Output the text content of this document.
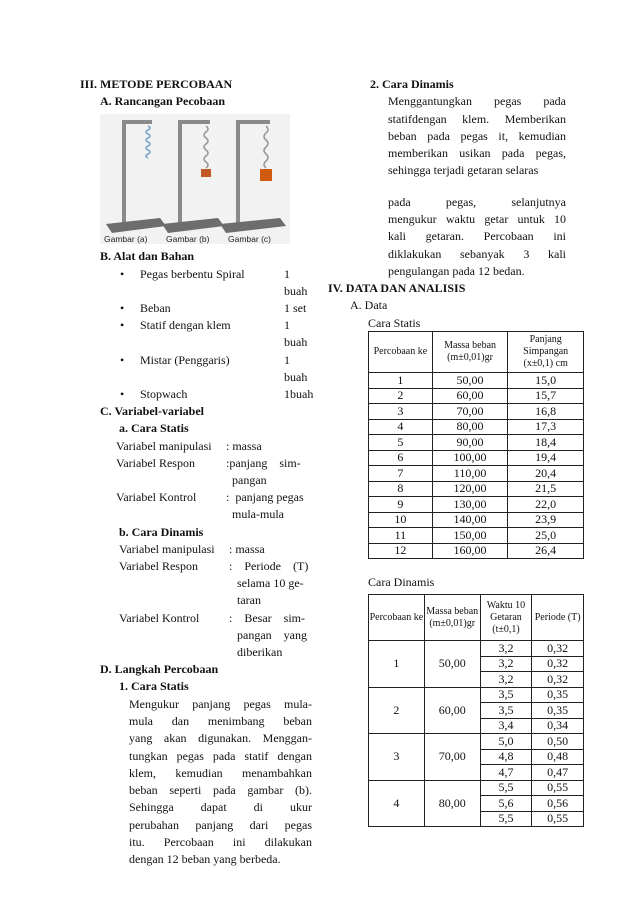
III. METODE PERCOBAAN
A. Rancangan Pecobaan
Gambar (a) Gambar (b) Gambar (c)
B. Alat dan Bahan
•	Pegas berbentu Spiral	1 buah
•	Beban	1 set
•	Statif dengan klem	1 buah
•	Mistar (Penggaris)	1 buah
•	Stopwach	1buah
C. Variabel-variabel
a. Cara Statis
Variabel manipulasi	: massa
Variabel Respon	:panjang    sim-
pangan
Variabel Kontrol	:  panjang pegas
mula-mula
b. Cara Dinamis
Variabel manipulasi	: massa
Variabel Respon	:    Periode    (T)
selama 10 ge-
taran
Variabel Kontrol	:    Besar    sim-
pangan    yang
diberikan
D. Langkah Percobaan
1. Cara Statis
Mengukur panjang pegas mula-
mula   dan   menimbang   beban
yang akan digunakan. Menggan-
tungkan pegas pada statif dengan
klem,   kemudian   menambahkan
beban  seperti  pada  gambar  (b).
Sehingga      dapat      di      ukur
perubahan  panjang  dari  pegas
itu.   Percobaan   ini   dilakukan
dengan 12 beban yang berbeda.
2. Cara Dinamis
Menggantungkan    pegas    pada
statifdengan  klem.  Memberikan
beban  pada  pegas  it,  kemudian
memberikan  usikan  pada  pegas,
sehingga terjadi getaran selaras
pada          pegas,          selanjutnya
mengukur  waktu  getar  untuk  10
kali    getaran.    Percobaan    ini
diklakukan   sebanyak   3   kali
pengulangan pada 12 bedan.
IV. DATA DAN ANALISIS
A. Data
Cara Statis
Percobaan ke	Massa beban (m±0,01)gr	Panjang Simpangan (x±0,1) cm
1	50,00	15,0
2	60,00	15,7
3	70,00	16,8
4	80,00	17,3
5	90,00	18,4
6	100,00	19,4
7	110,00	20,4
8	120,00	21,5
9	130,00	22,0
10	140,00	23,9
11	150,00	25,0
12	160,00	26,4
Cara Dinamis
Percobaan ke	Massa beban (m±0,01)gr	Waktu 10 Getaran (t±0,1)	Periode (T)
1	50,00	3,2	0,32
		3,2	0,32
		3,2	0,32
2	60,00	3,5	0,35
		3,5	0,35
		3,4	0,34
3	70,00	5,0	0,50
		4,8	0,48
		4,7	0,47
4	80,00	5,5	0,55
		5,6	0,56
		5,5	0,55
